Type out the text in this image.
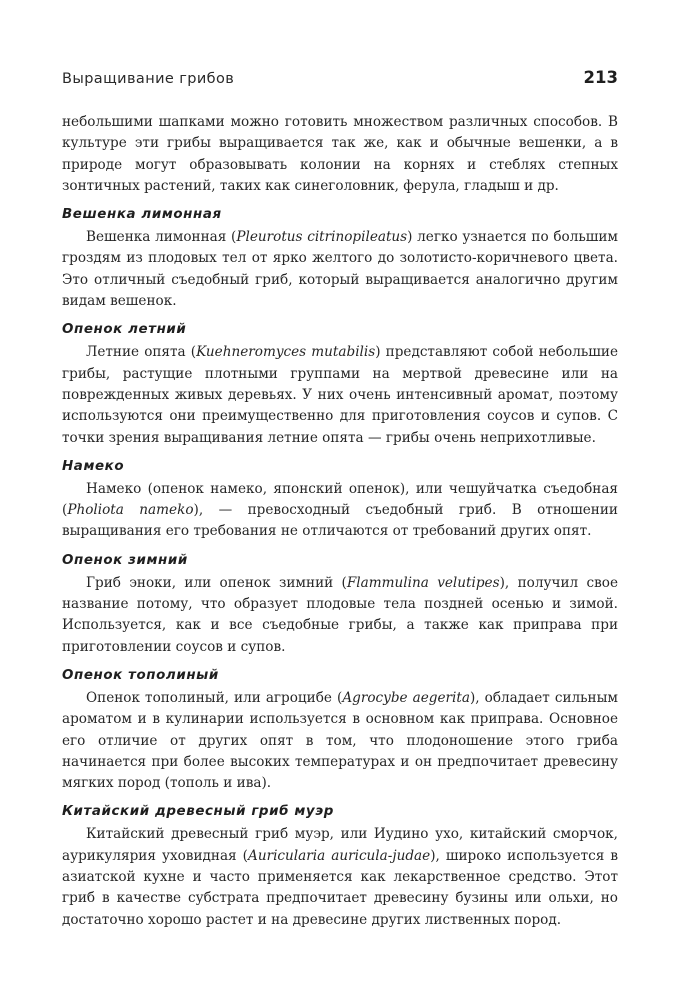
Выращивание грибов	213

небольшими шапками можно готовить множеством различных способов. В культуре эти грибы выращивается так же, как и обычные вешенки, а в природе могут образовывать колонии на корнях и стеблях степных зонтичных растений, таких как синеголовник, ферула, гладыш и др.

Вешенка лимонная

Вешенка лимонная (Pleurotus citrinopileatus) легко узнается по большим гроздям из плодовых тел от ярко желтого до золотисто-коричневого цвета. Это отличный съедобный гриб, который выращивается аналогично другим видам вешенок.

Опенок летний

Летние опята (Kuehneromyces mutabilis) представляют собой небольшие грибы, растущие плотными группами на мертвой древесине или на поврежденных живых деревьях. У них очень интенсивный аромат, поэтому используются они преимущественно для приготовления соусов и супов. С точки зрения выращивания летние опята — грибы очень неприхотливые.

Намеко

Намеко (опенок намеко, японский опенок), или чешуйчатка съедобная (Pholiota nameko), — превосходный съедобный гриб. В отношении выращивания его требования не отличаются от требований других опят.

Опенок зимний

Гриб эноки, или опенок зимний (Flammulina velutipes), получил свое название потому, что образует плодовые тела поздней осенью и зимой. Используется, как и все съедобные грибы, а также как приправа при приготовлении соусов и супов.

Опенок тополиный

Опенок тополиный, или агроцибе (Agrocybe aegerita), обладает сильным ароматом и в кулинарии используется в основном как приправа. Основное его отличие от других опят в том, что плодоношение этого гриба начинается при более высоких температурах и он предпочитает древесину мягких пород (тополь и ива).

Китайский древесный гриб муэр

Китайский древесный гриб муэр, или Иудино ухо, китайский сморчок, аурикулярия уховидная (Auricularia auricula-judae), широко используется в азиатской кухне и часто применяется как лекарственное средство. Этот гриб в качестве субстрата предпочитает древесину бузины или ольхи, но достаточно хорошо растет и на древесине других лиственных пород.
